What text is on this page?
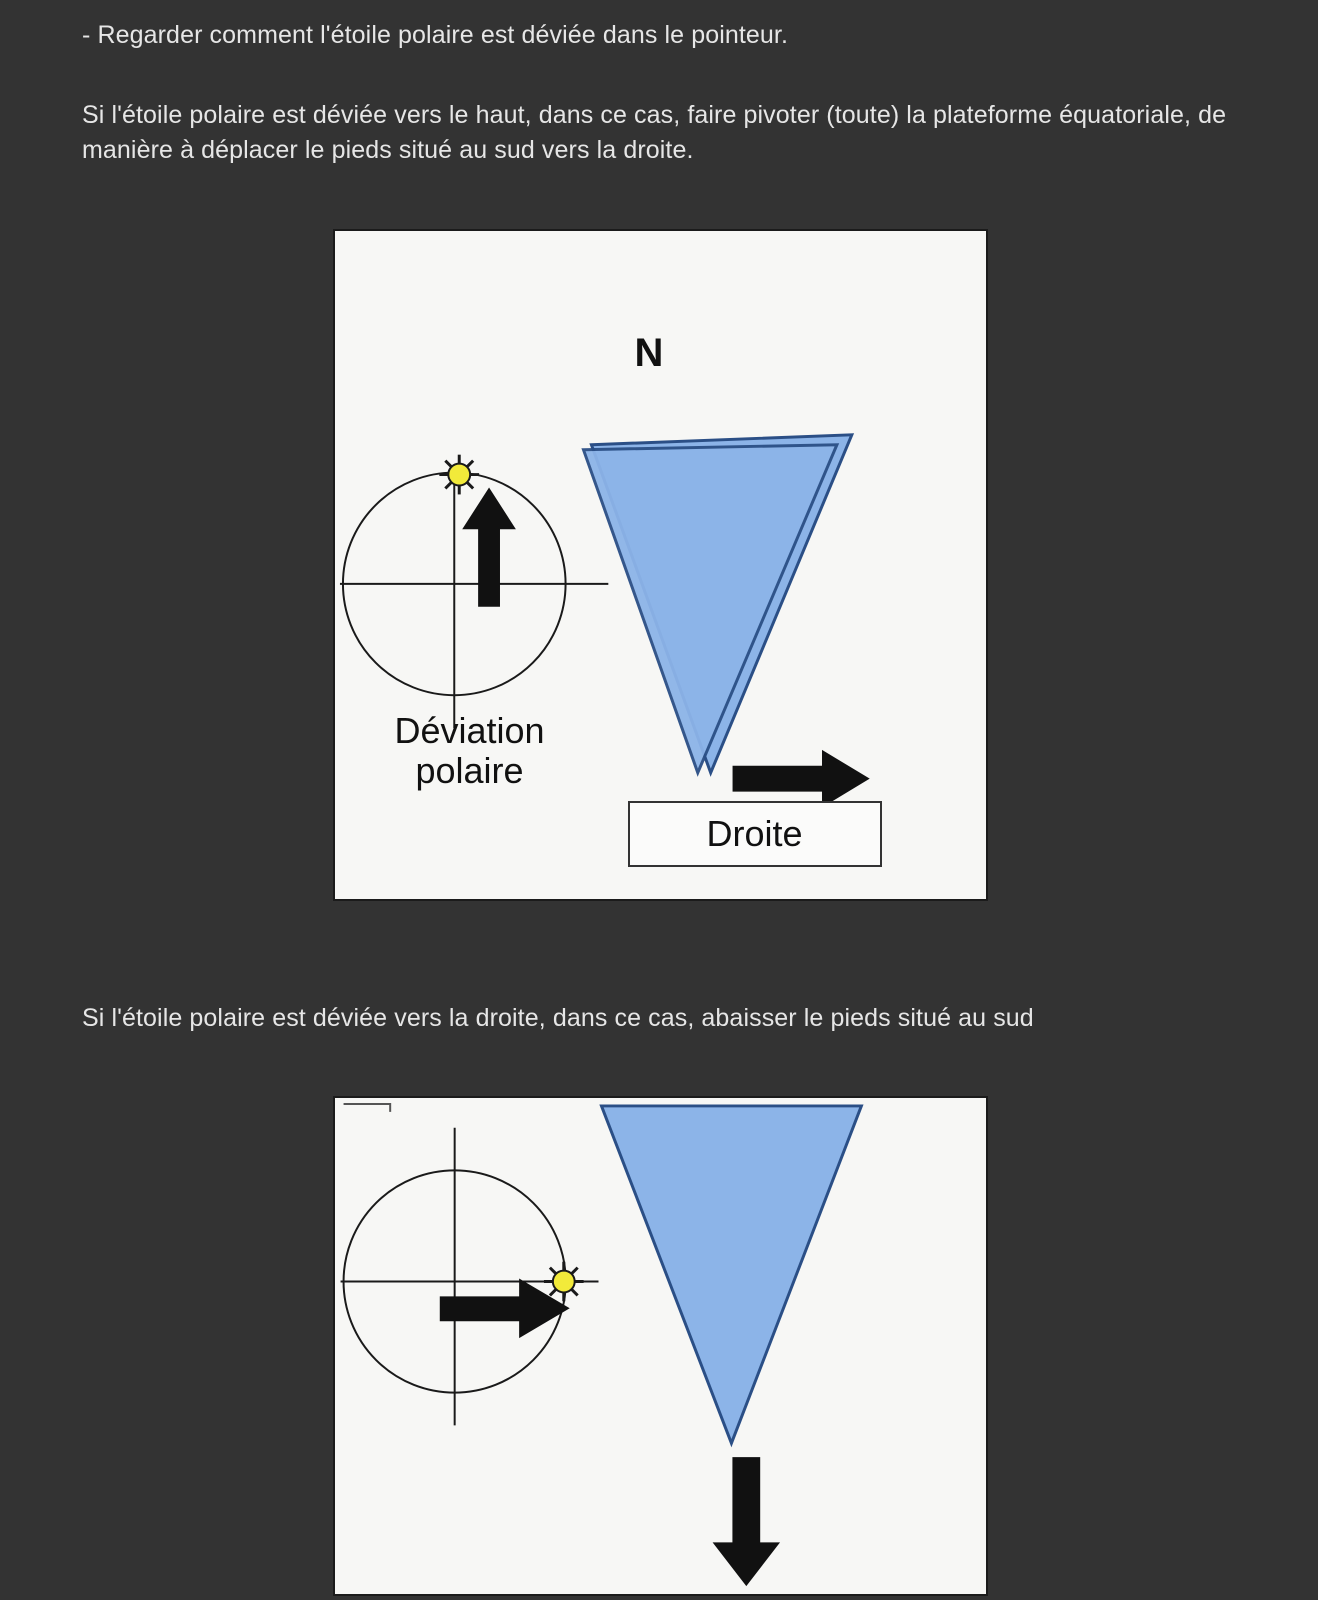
- Regarder comment l'étoile polaire est déviée dans le pointeur.

Si l'étoile polaire est déviée vers le haut, dans ce cas, faire pivoter (toute) la plateforme équatoriale, de manière à déplacer le pieds situé au sud vers la droite.

N
Déviation polaire
Droite

Si l'étoile polaire est déviée vers la droite, dans ce cas, abaisser le pieds situé au sud
